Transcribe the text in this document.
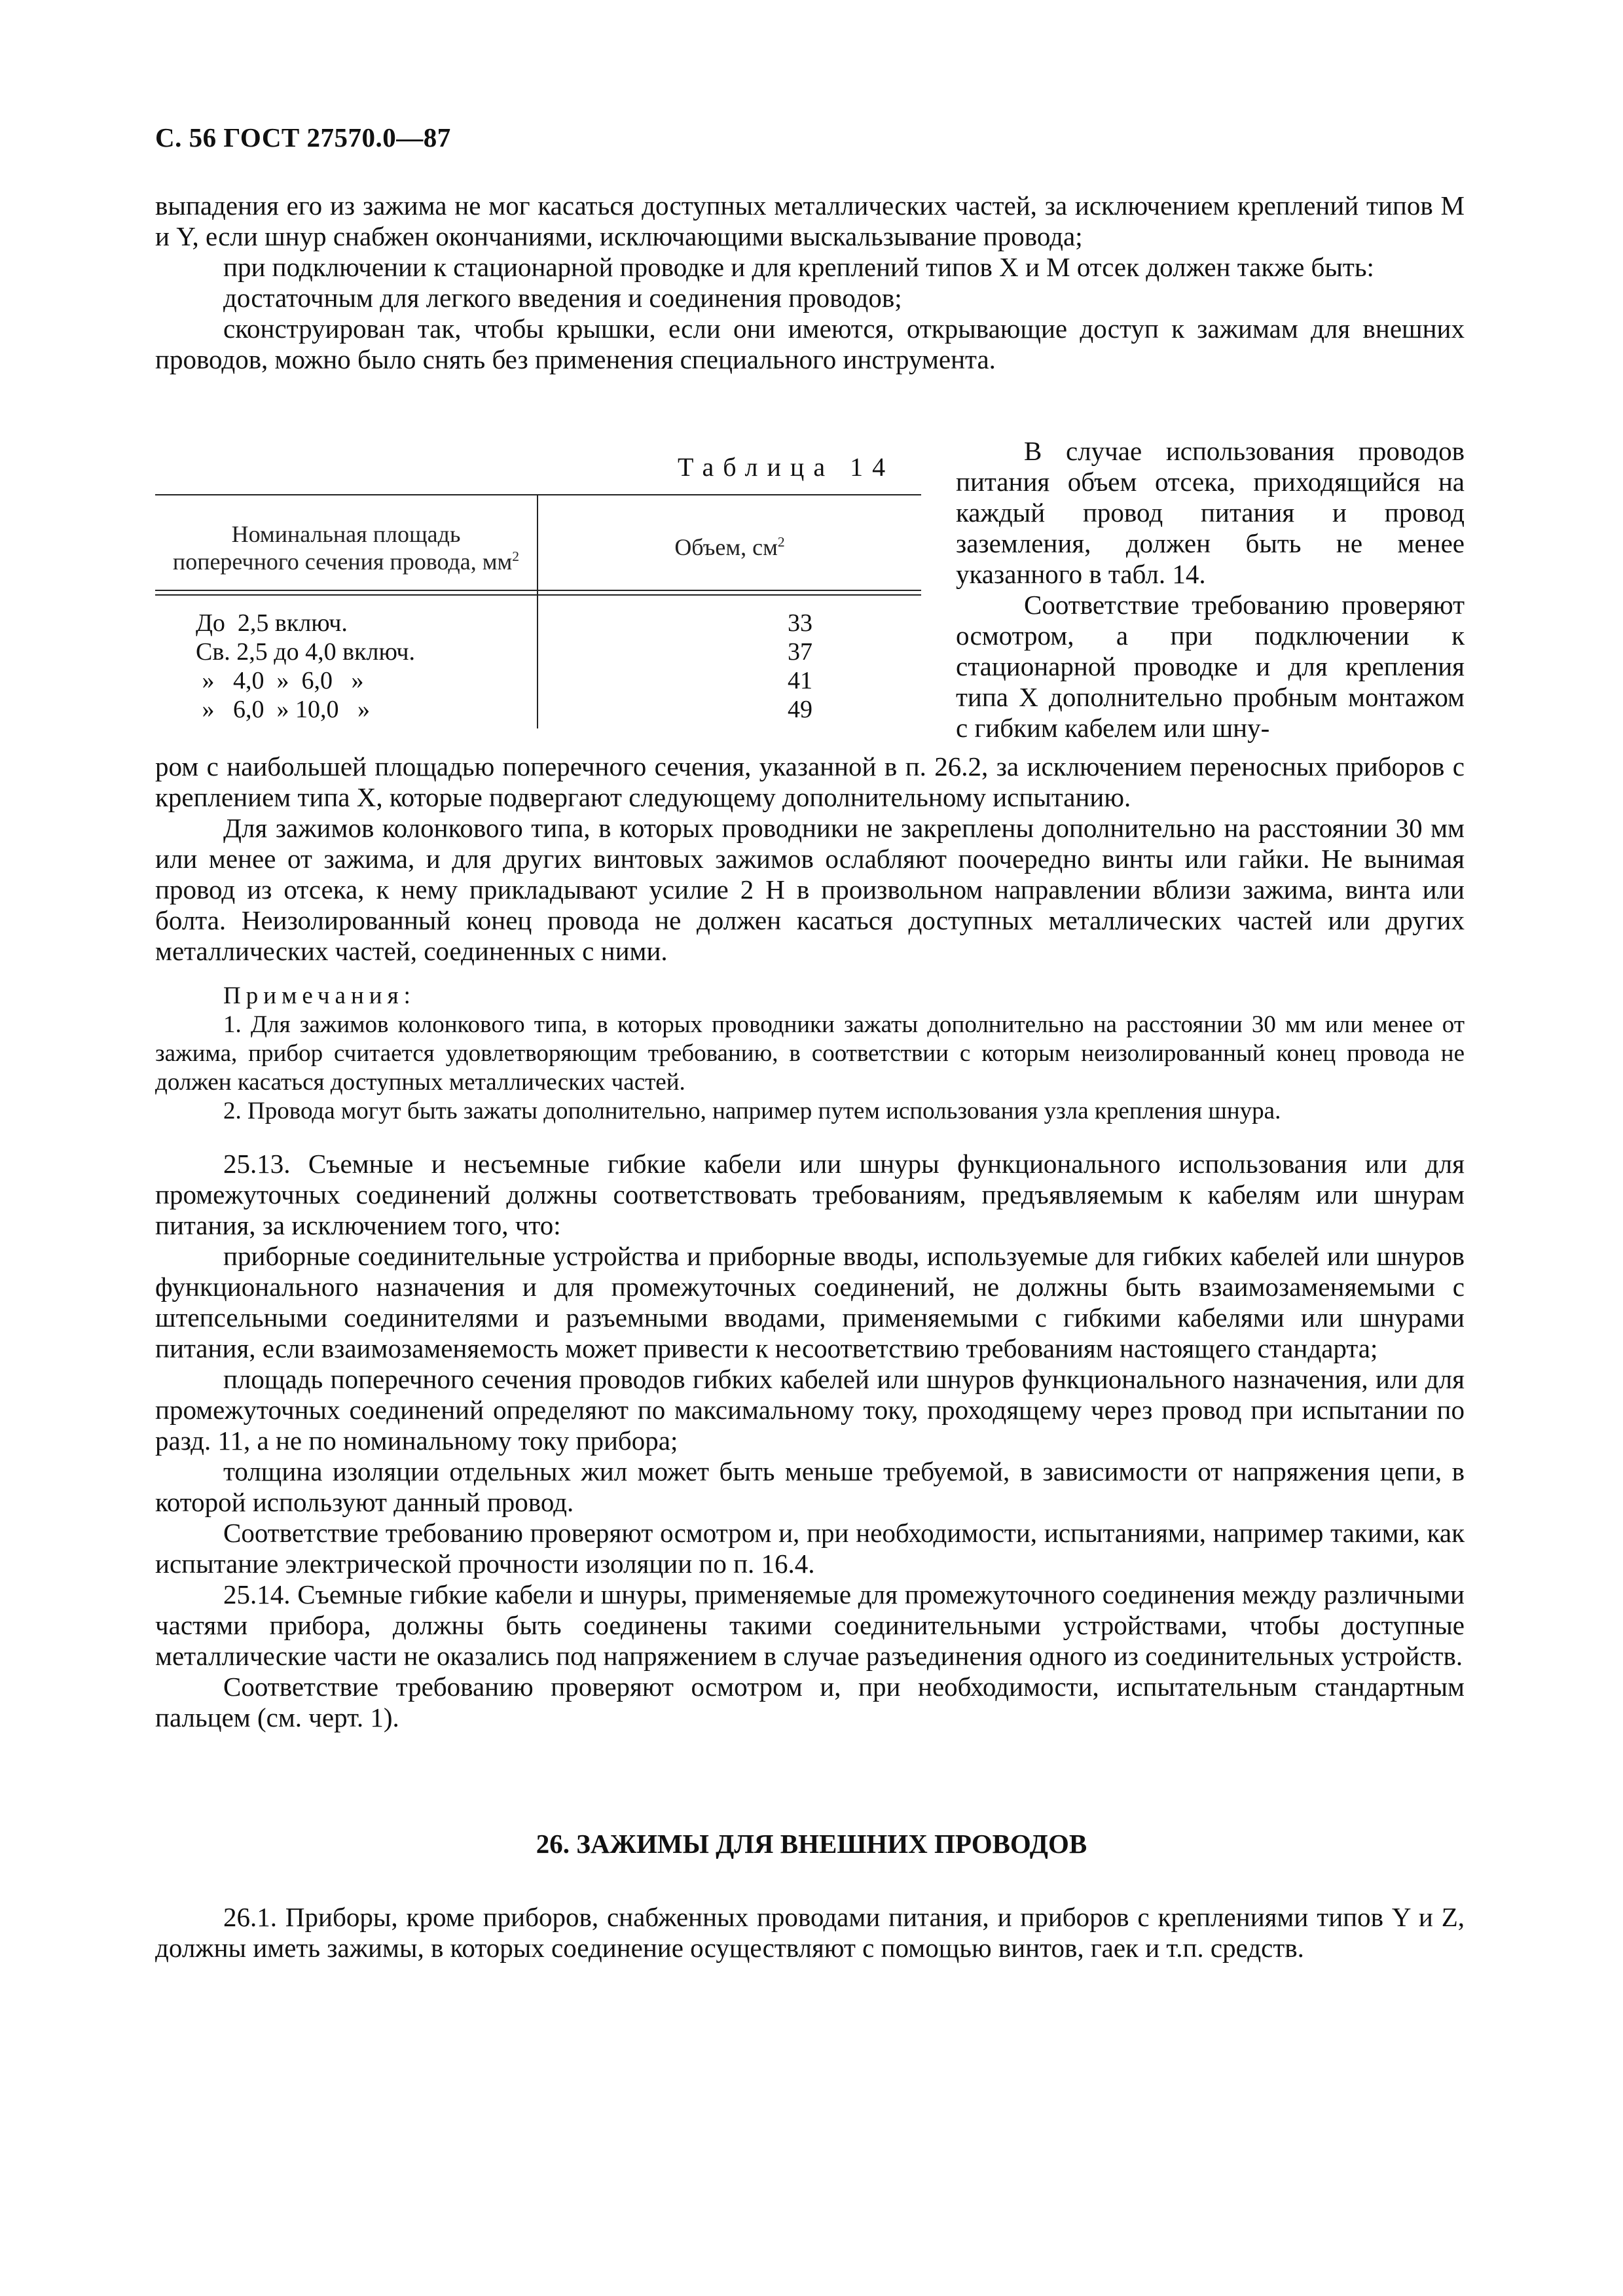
С. 56 ГОСТ 27570.0—87

выпадения его из зажима не мог касаться доступных металлических частей, за исключением креплений типов М и Y, если шнур снабжен окончаниями, исключающими выскальзывание провода;

при подключении к стационарной проводке и для креплений типов X и М отсек должен также быть:

достаточным для легкого введения и соединения проводов;

сконструирован так, чтобы крышки, если они имеются, открывающие доступ к зажимам для внешних проводов, можно было снять без применения специального инструмента.

Таблица 14
Номинальная площадь
поперечного сечения провода, $мм^2$	Объем, $см^2$
До  2,5 включ.
Св. 2,5 до 4,0 включ.
»   4,0  »  6,0   »
»   6,0  » 10,0   »
33
37
41
49

В случае использования проводов питания объем отсека, приходящийся на каждый провод питания и провод заземления, должен быть не менее указанного в табл. 14.

Соответствие требованию проверяют осмотром, а при подключении к стационарной проводке и для крепления типа X дополнительно пробным монтажом с гибким кабелем или шну-

ром с наибольшей площадью поперечного сечения, указанной в п. 26.2, за исключением переносных приборов с креплением типа X, которые подвергают следующему дополнительному испытанию.

Для зажимов колонкового типа, в которых проводники не закреплены дополнительно на расстоянии 30 мм или менее от зажима, и для других винтовых зажимов ослабляют поочередно винты или гайки. Не вынимая провод из отсека, к нему прикладывают усилие 2 Н в произвольном направлении вблизи зажима, винта или болта. Неизолированный конец провода не должен касаться доступных металлических частей или других металлических частей, соединенных с ними.

Примечания:

1. Для зажимов колонкового типа, в которых проводники зажаты дополнительно на расстоянии 30 мм или менее от зажима, прибор считается удовлетворяющим требованию, в соответствии с которым неизолированный конец провода не должен касаться доступных металлических частей.

2. Провода могут быть зажаты дополнительно, например путем использования узла крепления шнура.

25.13. Съемные и несъемные гибкие кабели или шнуры функционального использования или для промежуточных соединений должны соответствовать требованиям, предъявляемым к кабелям или шнурам питания, за исключением того, что:

приборные соединительные устройства и приборные вводы, используемые для гибких кабелей или шнуров функционального назначения и для промежуточных соединений, не должны быть взаимозаменяемыми с штепсельными соединителями и разъемными вводами, применяемыми с гибкими кабелями или шнурами питания, если взаимозаменяемость может привести к несоответствию требованиям настоящего стандарта;

площадь поперечного сечения проводов гибких кабелей или шнуров функционального назначения, или для промежуточных соединений определяют по максимальному току, проходящему через провод при испытании по разд. 11, а не по номинальному току прибора;

толщина изоляции отдельных жил может быть меньше требуемой, в зависимости от напряжения цепи, в которой используют данный провод.

Соответствие требованию проверяют осмотром и, при необходимости, испытаниями, например такими, как испытание электрической прочности изоляции по п. 16.4.

25.14. Съемные гибкие кабели и шнуры, применяемые для промежуточного соединения между различными частями прибора, должны быть соединены такими соединительными устройствами, чтобы доступные металлические части не оказались под напряжением в случае разъединения одного из соединительных устройств.

Соответствие требованию проверяют осмотром и, при необходимости, испытательным стандартным пальцем (см. черт. 1).

26. ЗАЖИМЫ ДЛЯ ВНЕШНИХ ПРОВОДОВ

26.1. Приборы, кроме приборов, снабженных проводами питания, и приборов с креплениями типов Y и Z, должны иметь зажимы, в которых соединение осуществляют с помощью винтов, гаек и т.п. средств.
